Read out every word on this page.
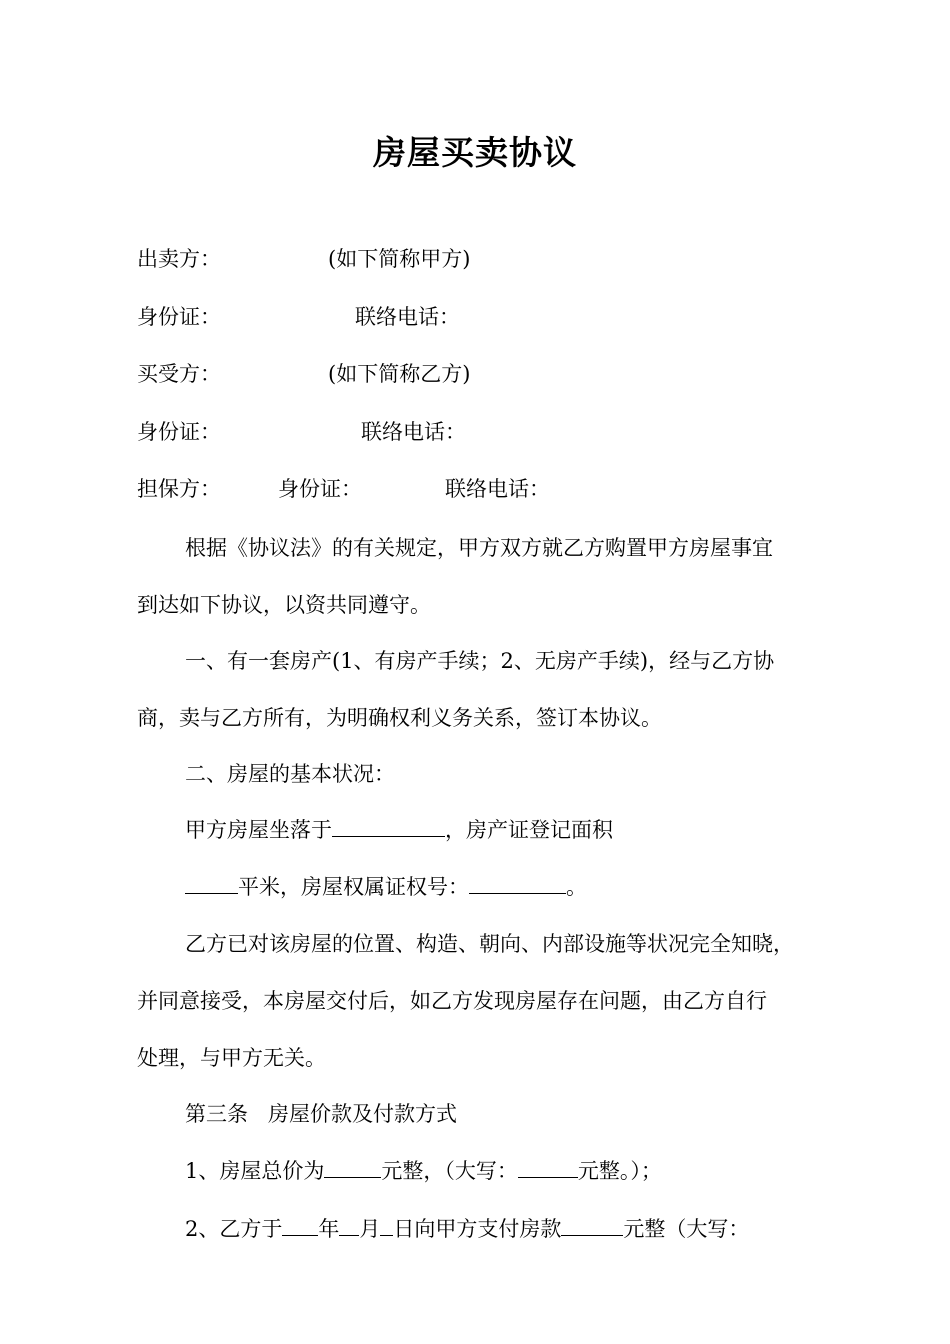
房屋买卖协议
出卖方：	(如下简称甲方)
身份证：	联络电话：
买受方：	(如下简称乙方)
身份证：	联络电话：
担保方：	身份证：	联络电话：
根据《协议法》的有关规定，甲方双方就乙方购置甲方房屋事宜
到达如下协议，以资共同遵守。
一、有一套房产(1、有房产手续；2、无房产手续)，经与乙方协
商，卖与乙方所有，为明确权利义务关系，签订本协议。
二、房屋的基本状况：
甲方房屋坐落于	，房产证登记面积
平米，房屋权属证权号：	。
乙方已对该房屋的位置、构造、朝向、内部设施等状况完全知晓，
并同意接受，本房屋交付后，如乙方发现房屋存在问题，由乙方自行
处理，与甲方无关。
第三条   房屋价款及付款方式
1、房屋总价为	元整，（大写：	元整。）；
2、乙方于 年 月 日向甲方支付房款	元整（大写：
